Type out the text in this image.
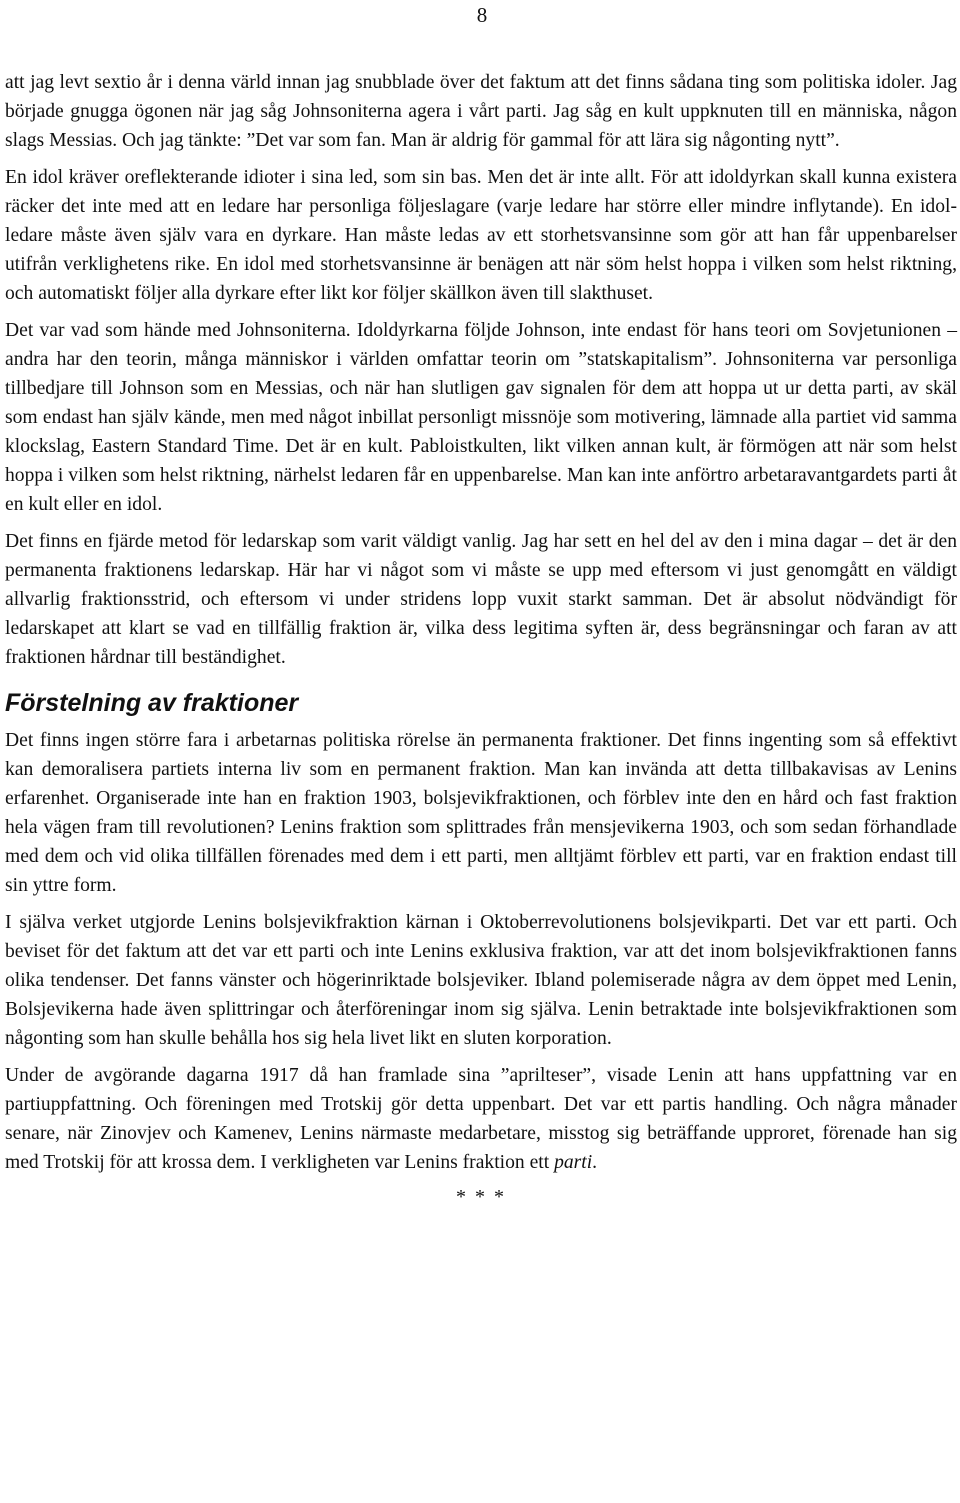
8

att jag levt sextio år i denna värld innan jag snubblade över det faktum att det finns sådana ting som politiska idoler. Jag började gnugga ögonen när jag såg Johnsoniterna agera i vårt parti. Jag såg en kult uppknuten till en människa, någon slags Messias. Och jag tänkte: ”Det var som fan. Man är aldrig för gammal för att lära sig någonting nytt”.

En idol kräver oreflekterande idioter i sina led, som sin bas. Men det är inte allt. För att idoldyrkan skall kunna existera räcker det inte med att en ledare har personliga följeslagare (varje ledare har större eller mindre inflytande). En idol-ledare måste även själv vara en dyrkare. Han måste ledas av ett storhetsvansinne som gör att han får uppenbarelser utifrån verklighetens rike. En idol med storhetsvansinne är benägen att när söm helst hoppa i vilken som helst riktning, och automatiskt följer alla dyrkare efter likt kor följer skällkon även till slakthuset.

Det var vad som hände med Johnsoniterna. Idoldyrkarna följde Johnson, inte endast för hans teori om Sovjetunionen – andra har den teorin, många människor i världen omfattar teorin om ”statskapitalism”. Johnsoniterna var personliga tillbedjare till Johnson som en Messias, och när han slutligen gav signalen för dem att hoppa ut ur detta parti, av skäl som endast han själv kände, men med något inbillat personligt missnöje som motivering, lämnade alla partiet vid samma klockslag, Eastern Standard Time. Det är en kult. Pabloistkulten, likt vilken annan kult, är förmögen att när som helst hoppa i vilken som helst riktning, närhelst ledaren får en uppenbarelse. Man kan inte anförtro arbetaravantgardets parti åt en kult eller en idol.

Det finns en fjärde metod för ledarskap som varit väldigt vanlig. Jag har sett en hel del av den i mina dagar – det är den permanenta fraktionens ledarskap. Här har vi något som vi måste se upp med eftersom vi just genomgått en väldigt allvarlig fraktionsstrid, och eftersom vi under stridens lopp vuxit starkt samman. Det är absolut nödvändigt för ledarskapet att klart se vad en tillfällig fraktion är, vilka dess legitima syften är, dess begränsningar och faran av att fraktionen hårdnar till beständighet.

Förstelning av fraktioner

Det finns ingen större fara i arbetarnas politiska rörelse än permanenta fraktioner. Det finns ingenting som så effektivt kan demoralisera partiets interna liv som en permanent fraktion. Man kan invända att detta tillbakavisas av Lenins erfarenhet. Organiserade inte han en fraktion 1903, bolsjevikfraktionen, och förblev inte den en hård och fast fraktion hela vägen fram till revolutionen? Lenins fraktion som splittrades från mensjevikerna 1903, och som sedan förhandlade med dem och vid olika tillfällen förenades med dem i ett parti, men alltjämt förblev ett parti, var en fraktion endast till sin yttre form.

I själva verket utgjorde Lenins bolsjevikfraktion kärnan i Oktoberrevolutionens bolsjevikparti. Det var ett parti. Och beviset för det faktum att det var ett parti och inte Lenins exklusiva fraktion, var att det inom bolsjevikfraktionen fanns olika tendenser. Det fanns vänster och högerinriktade bolsjeviker. Ibland polemiserade några av dem öppet med Lenin, Bolsjevikerna hade även splittringar och återföreningar inom sig själva. Lenin betraktade inte bolsjevikfraktionen som någonting som han skulle behålla hos sig hela livet likt en sluten korporation.

Under de avgörande dagarna 1917 då han framlade sina ”aprilteser”, visade Lenin att hans uppfattning var en partiuppfattning. Och föreningen med Trotskij gör detta uppenbart. Det var ett partis handling. Och några månader senare, när Zinovjev och Kamenev, Lenins närmaste medarbetare, misstog sig beträffande upproret, förenade han sig med Trotskij för att krossa dem. I verkligheten var Lenins fraktion ett parti.

* * *
